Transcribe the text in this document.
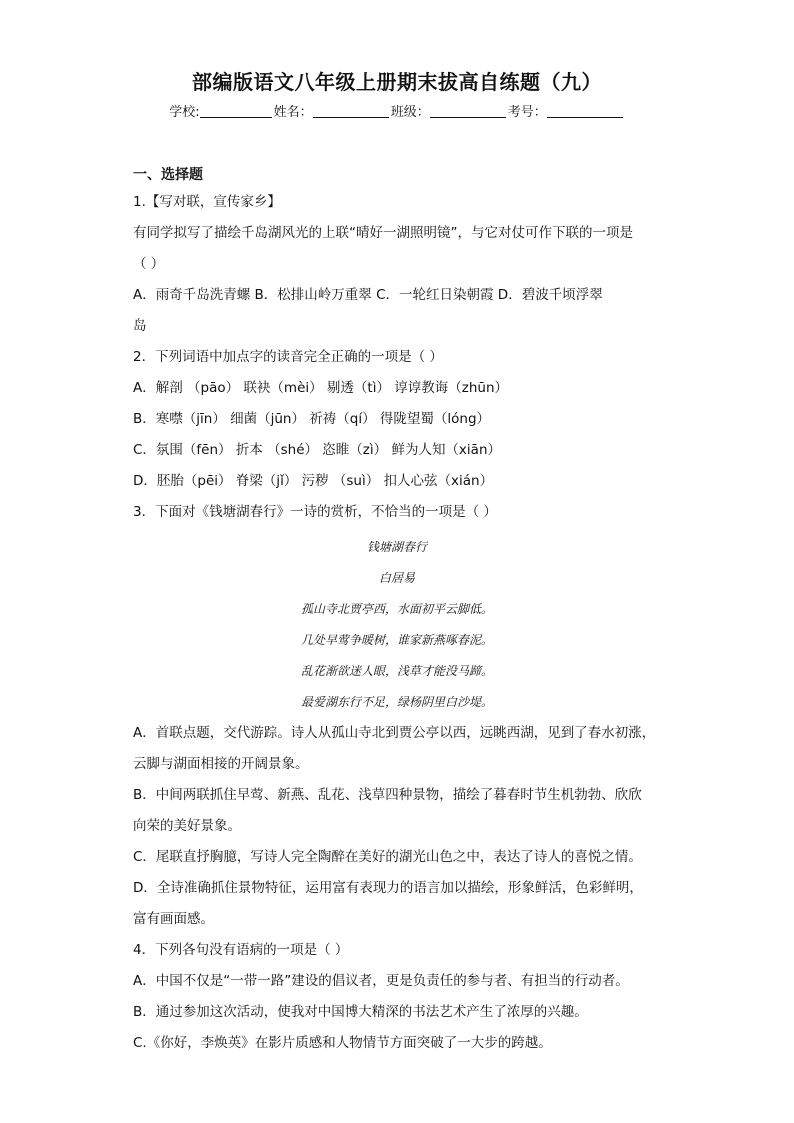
部编版语文八年级上册期末拔高自练题（九）
学校:	姓名：	班级：	考号：
一、选择题
1.【写对联，宣传家乡】
有同学拟写了描绘千岛湖风光的上联“晴好一湖照明镜”，与它对仗可作下联的一项是
（ ）
A．雨奇千岛洗青螺 B．松排山岭万重翠 C．一轮红日染朝霞 D．碧波千顷浮翠
岛
2．下列词语中加点字的读音完全正确的一项是（ ）
A．解剖 （pāo） 联袂（mèi） 剔透（tì） 谆谆教诲（zhūn）
B．寒噤（jīn） 细菌（jūn） 祈祷（qí） 得陇望蜀（lóng）
C．氛围（fēn） 折本 （shé） 恣睢（zì） 鲜为人知（xiān）
D．胚胎（pēi） 脊梁（jǐ） 污秽 （suì） 扣人心弦（xián）
3．下面对《钱塘湖春行》一诗的赏析，不恰当的一项是（ ）
钱塘湖春行
白居易
孤山寺北贾亭西，水面初平云脚低。
几处早莺争暖树，谁家新燕啄春泥。
乱花渐欲迷人眼，浅草才能没马蹄。
最爱湖东行不足，绿杨阴里白沙堤。
A．首联点题，交代游踪。诗人从孤山寺北到贾公亭以西，远眺西湖，见到了春水初涨，
云脚与湖面相接的开阔景象。
B．中间两联抓住早莺、新燕、乱花、浅草四种景物，描绘了暮春时节生机勃勃、欣欣
向荣的美好景象。
C．尾联直抒胸臆，写诗人完全陶醉在美好的湖光山色之中，表达了诗人的喜悦之情。
D．全诗准确抓住景物特征，运用富有表现力的语言加以描绘，形象鲜活，色彩鲜明，
富有画面感。
4．下列各句没有语病的一项是（ ）
A．中国不仅是“一带一路”建设的倡议者，更是负责任的参与者、有担当的行动者。
B．通过参加这次活动，使我对中国博大精深的书法艺术产生了浓厚的兴趣。
C.《你好，李焕英》在影片质感和人物情节方面突破了一大步的跨越。
